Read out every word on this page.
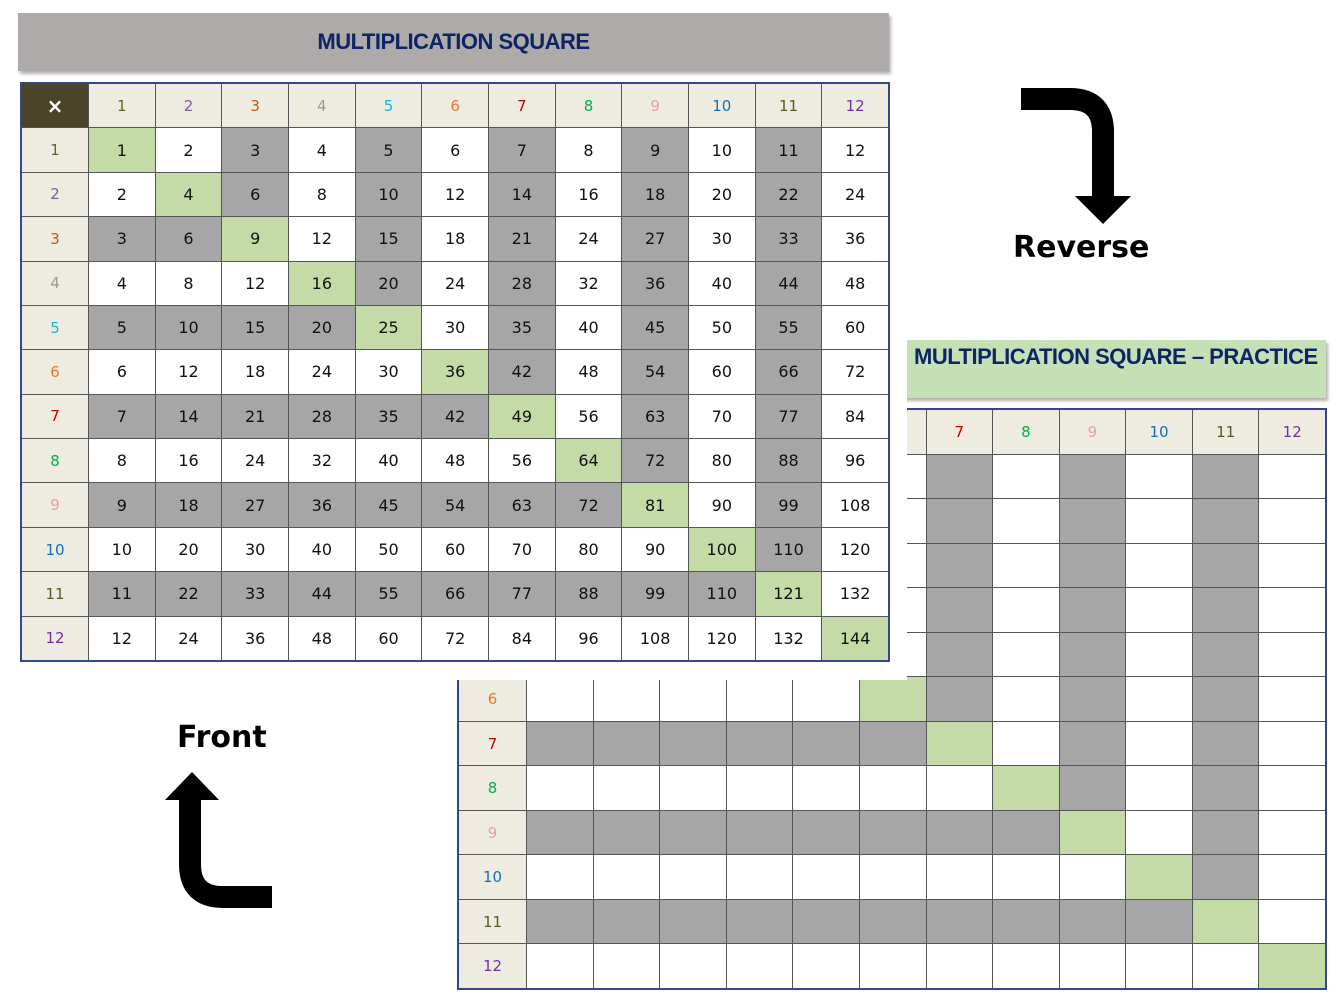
MULTIPLICATION SQUARE – PRACTICE
7	8	9	10	11	12
6
7
8
9
10
11
12
MULTIPLICATION SQUARE
×	1	2	3	4	5	6	7	8	9	10	11	12
1	1	2	3	4	5	6	7	8	9	10	11	12
2	2	4	6	8	10	12	14	16	18	20	22	24
3	3	6	9	12	15	18	21	24	27	30	33	36
4	4	8	12	16	20	24	28	32	36	40	44	48
5	5	10	15	20	25	30	35	40	45	50	55	60
6	6	12	18	24	30	36	42	48	54	60	66	72
7	7	14	21	28	35	42	49	56	63	70	77	84
8	8	16	24	32	40	48	56	64	72	80	88	96
9	9	18	27	36	45	54	63	72	81	90	99	108
10	10	20	30	40	50	60	70	80	90	100	110	120
11	11	22	33	44	55	66	77	88	99	110	121	132
12	12	24	36	48	60	72	84	96	108	120	132	144
Reverse
Front
